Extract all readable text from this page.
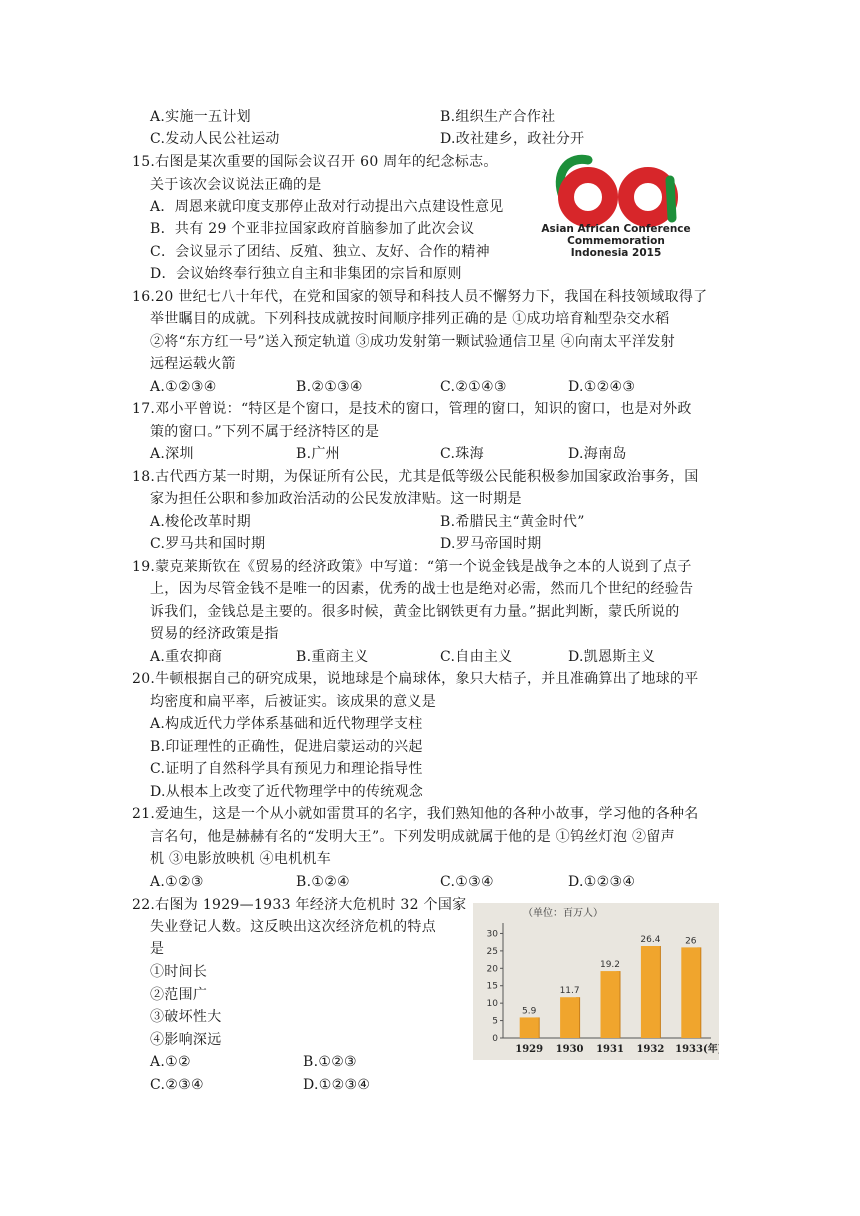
A.实施一五计划	B.组织生产合作社
C.发动人民公社运动	D.改社建乡，政社分开
15.右图是某次重要的国际会议召开 60 周年的纪念标志。
关于该次会议说法正确的是
A．周恩来就印度支那停止敌对行动提出六点建设性意见
B．共有 29 个亚非拉国家政府首脑参加了此次会议
C．会议显示了团结、反殖、独立、友好、合作的精神
D．会议始终奉行独立自主和非集团的宗旨和原则
Asian African Conference
Commemoration
Indonesia 2015
16.20 世纪七八十年代，在党和国家的领导和科技人员不懈努力下，我国在科技领域取得了
举世瞩目的成就。下列科技成就按时间顺序排列正确的是 ①成功培育籼型杂交水稻
②将“东方红一号”送入预定轨道 ③成功发射第一颗试验通信卫星 ④向南太平洋发射
远程运载火箭
A.①②③④	B.②①③④	C.②①④③	D.①②④③
17.邓小平曾说：“特区是个窗口，是技术的窗口，管理的窗口，知识的窗口，也是对外政
策的窗口。”下列不属于经济特区的是
A.深圳	B.广州	C.珠海	D.海南岛
18.古代西方某一时期，为保证所有公民，尤其是低等级公民能积极参加国家政治事务，国
家为担任公职和参加政治活动的公民发放津贴。这一时期是
A.梭伦改革时期	B.希腊民主“黄金时代”
C.罗马共和国时期	D.罗马帝国时期
19.蒙克莱斯钦在《贸易的经济政策》中写道：“第一个说金钱是战争之本的人说到了点子
上，因为尽管金钱不是唯一的因素，优秀的战士也是绝对必需，然而几个世纪的经验告
诉我们，金钱总是主要的。很多时候，黄金比钢铁更有力量。”据此判断，蒙氏所说的
贸易的经济政策是指
A.重农抑商	B.重商主义	C.自由主义	D.凯恩斯主义
20.牛顿根据自己的研究成果，说地球是个扁球体，象只大桔子，并且准确算出了地球的平
均密度和扁平率，后被证实。该成果的意义是
A.构成近代力学体系基础和近代物理学支柱
B.印证理性的正确性，促进启蒙运动的兴起
C.证明了自然科学具有预见力和理论指导性
D.从根本上改变了近代物理学中的传统观念
21.爱迪生，这是一个从小就如雷贯耳的名字，我们熟知他的各种小故事，学习他的各种名
言名句，他是赫赫有名的“发明大王”。下列发明成就属于他的是 ①钨丝灯泡 ②留声
机 ③电影放映机 ④电机机车
A.①②③	B.①②④	C.①③④	D.①②③④
22.右图为 1929—1933 年经济大危机时 32 个国家
失业登记人数。这反映出这次经济危机的特点
是
①时间长
②范围广
③破坏性大
④影响深远
A.①②	B.①②③
C.②③④	D.①②③④
（单位：百万人）
0
5
10
15
20
25
30
5.9
1929
11.7
1930
19.2
1931
26.4
1932
26
1933(年)
